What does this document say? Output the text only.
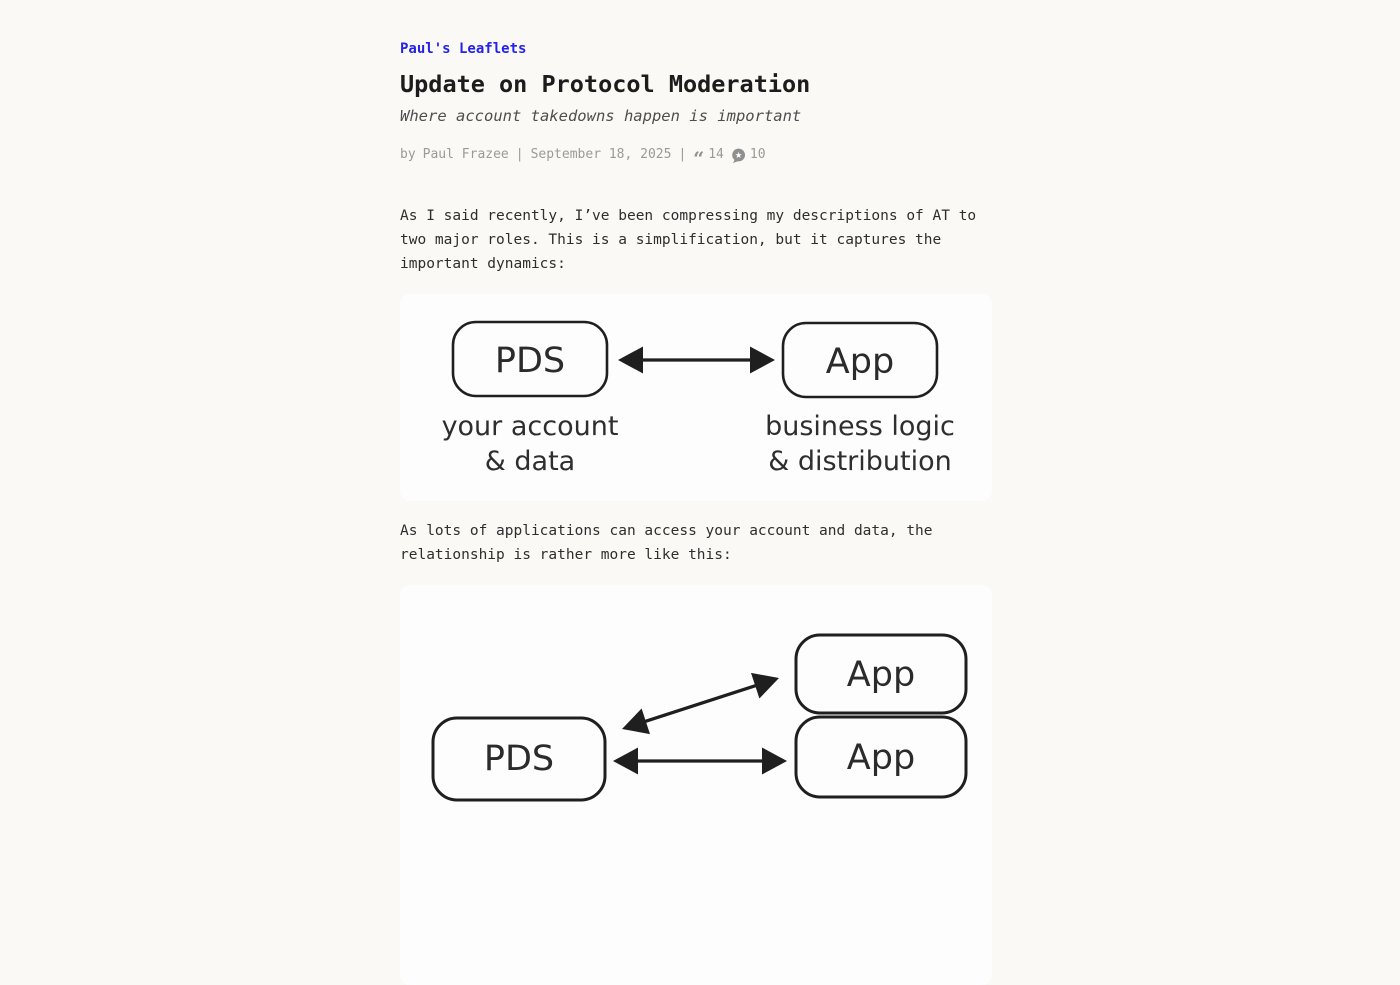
Paul's Leaflets
Update on Protocol Moderation

Where account takedowns happen is important

by Paul Frazee | September 18, 2025 | “ 14 ★ 10

As I said recently, I’ve been compressing my descriptions of AT to two major roles. This is a simplification, but it captures the important dynamics:

PDS	App
your account
& data
business logic
& distribution

As lots of applications can access your account and data, the relationship is rather more like this:

App
PDS	App
